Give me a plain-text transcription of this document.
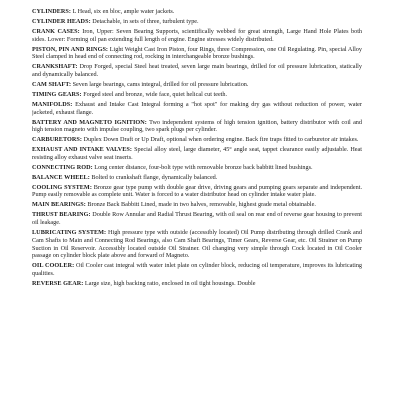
CYLINDERS: L Head, six en bloc, ample water jackets.

CYLINDER HEADS: Detachable, in sets of three, turbulent type.

CRANK CASES: Iron, Upper: Seven Bearing Supports, scientifically webbed for great strength, Large Hand Hole Plates both sides. Lower: Forming oil pan extending full length of engine. Engine stresses widely distributed.

PISTON, PIN AND RINGS: Light Weight Cast Iron Piston, four Rings, three Compression, one Oil Regulating. Pin, special Alloy Steel clamped in head end of connecting rod, rocking in interchangeable bronze bushings.

CRANKSHAFT: Drop Forged, special Steel heat treated, seven large main bearings, drilled for oil pressure lubrication, statically and dynamically balanced.

CAM SHAFT: Seven large bearings, cams integral, drilled for oil pressure lubrication.

TIMING GEARS: Forged steel and bronze, wide face, quiet helical cut teeth.

MANIFOLDS: Exhaust and Intake Cast Integral forming a "hot spot" for making dry gas without reduction of power, water jacketed, exhaust flange.

BATTERY AND MAGNETO IGNITION: Two independent systems of high tension ignition, battery distributor with coil and high tension magneto with impulse coupling, two spark plugs per cylinder.

CARBURETORS: Duplex Down Draft or Up Draft, optional when ordering engine. Back fire traps fitted to carburetor air intakes.

EXHAUST AND INTAKE VALVES: Special alloy steel, large diameter, 45° angle seat, tappet clearance easily adjustable. Heat resisting alloy exhaust valve seat inserts.

CONNECTING ROD: Long center distance, four-bolt type with removable bronze back babbitt lined bushings.

BALANCE WHEEL: Bolted to crankshaft flange, dynamically balanced.

COOLING SYSTEM: Bronze gear type pump with double gear drive, driving gears and pumping gears separate and independent. Pump easily removable as complete unit. Water is forced to a water distributor head on cylinder intake water plate.

MAIN BEARINGS: Bronze Back Babbitt Lined, made in two halves, removable, highest grade metal obtainable.

THRUST BEARING: Double Row Annular and Radial Thrust Bearing, with oil seal on rear end of reverse gear housing to prevent oil leakage.

LUBRICATING SYSTEM: High pressure type with outside (accessibly located) Oil Pump distributing through drilled Crank and Cam Shafts to Main and Connecting Rod Bearings, also Cam Shaft Bearings, Timer Gears, Reverse Gear, etc. Oil Strainer on Pump Suction in Oil Reservoir. Accessibly located outside Oil Strainer. Oil changing very simple through Cock located in Oil Cooler passage on cylinder block plate above and forward of Magneto.

OIL COOLER: Oil Cooler cast integral with water inlet plate on cylinder block, reducing oil temperature, improves its lubricating qualities.

REVERSE GEAR: Large size, high backing ratio, enclosed in oil tight housings. Double
